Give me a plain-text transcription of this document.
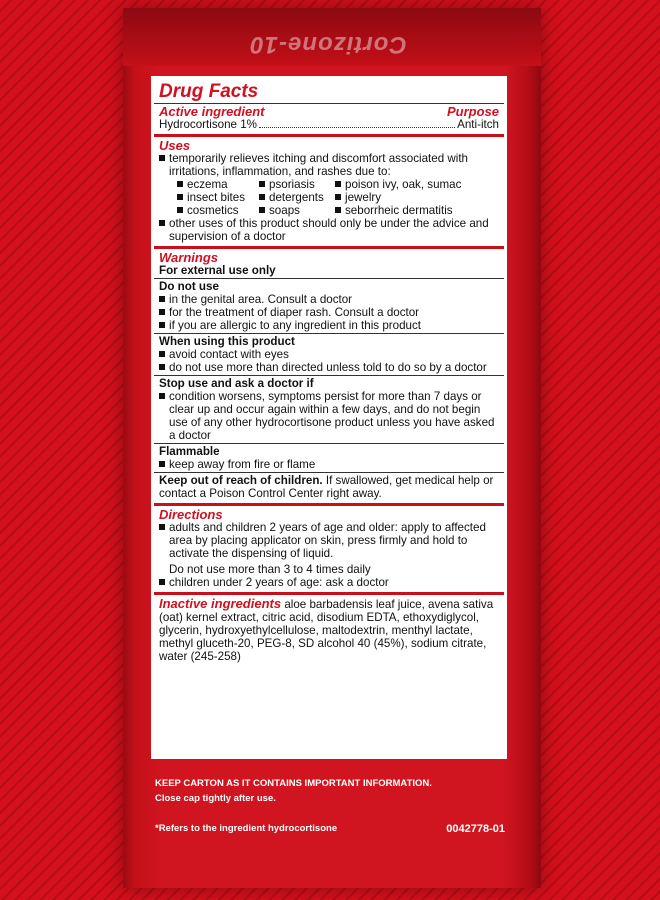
Cortizone-10
Drug Facts
Active ingredient	Purpose
Hydrocortisone 1%	Anti-itch
Uses
temporarily relieves itching and discomfort associated with irritations, inflammation, and rashes due to:
eczema	psoriasis	poison ivy, oak, sumac
insect bites	detergents	jewelry
cosmetics	soaps	seborrheic dermatitis
other uses of this product should only be under the advice and supervision of a doctor
Warnings
For external use only
Do not use
in the genital area. Consult a doctor
for the treatment of diaper rash. Consult a doctor
if you are allergic to any ingredient in this product
When using this product
avoid contact with eyes
do not use more than directed unless told to do so by a doctor
Stop use and ask a doctor if
condition worsens, symptoms persist for more than 7 days or clear up and occur again within a few days, and do not begin use of any other hydrocortisone product unless you have asked a doctor
Flammable
keep away from fire or flame
Keep out of reach of children. If swallowed, get medical help or contact a Poison Control Center right away.
Directions
adults and children 2 years of age and older: apply to affected area by placing applicator on skin, press firmly and hold to activate the dispensing of liquid.
Do not use more than 3 to 4 times daily
children under 2 years of age: ask a doctor
Inactive ingredients aloe barbadensis leaf juice, avena sativa (oat) kernel extract, citric acid, disodium EDTA, ethoxydiglycol, glycerin, hydroxyethylcellulose, maltodextrin, menthyl lactate, methyl gluceth-20, PEG-8, SD alcohol 40 (45%), sodium citrate, water (245-258)
KEEP CARTON AS IT CONTAINS IMPORTANT INFORMATION.
Close cap tightly after use.
*Refers to the ingredient hydrocortisone	0042778-01
